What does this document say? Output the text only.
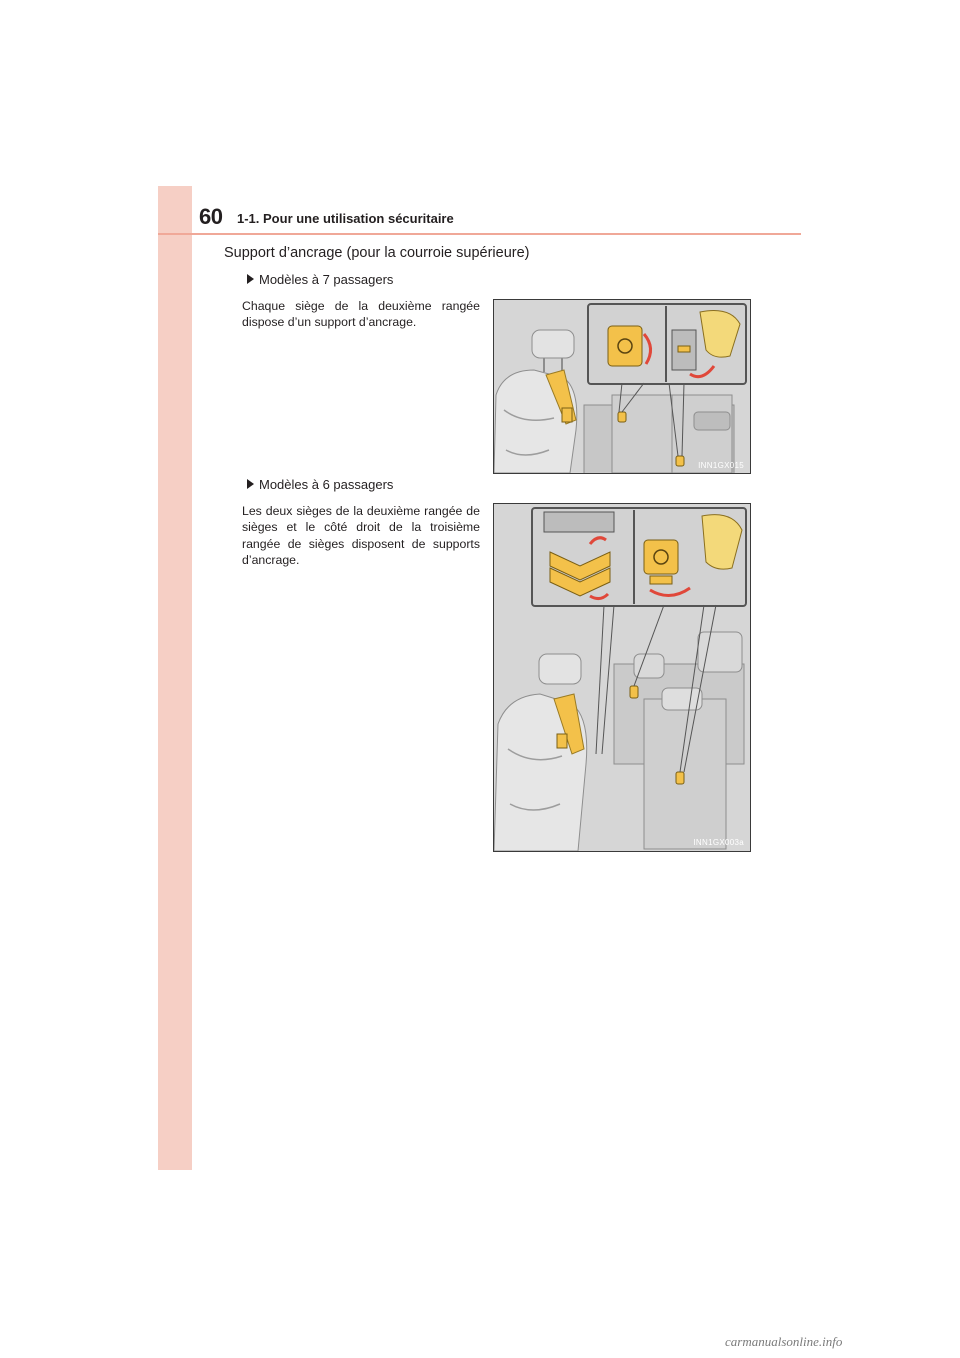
60 1-1. Pour une utilisation sécuritaire
Support d’ancrage (pour la courroie supérieure)
Modèles à 7 passagers
Chaque siège de la deuxième rangée dispose d’un support d’ancrage.
INN1GX015
Modèles à 6 passagers
Les deux sièges de la deuxième rangée de sièges et le côté droit de la troisième rangée de sièges disposent de supports d’ancrage.
INN1GX003a
carmanualsonline.info
